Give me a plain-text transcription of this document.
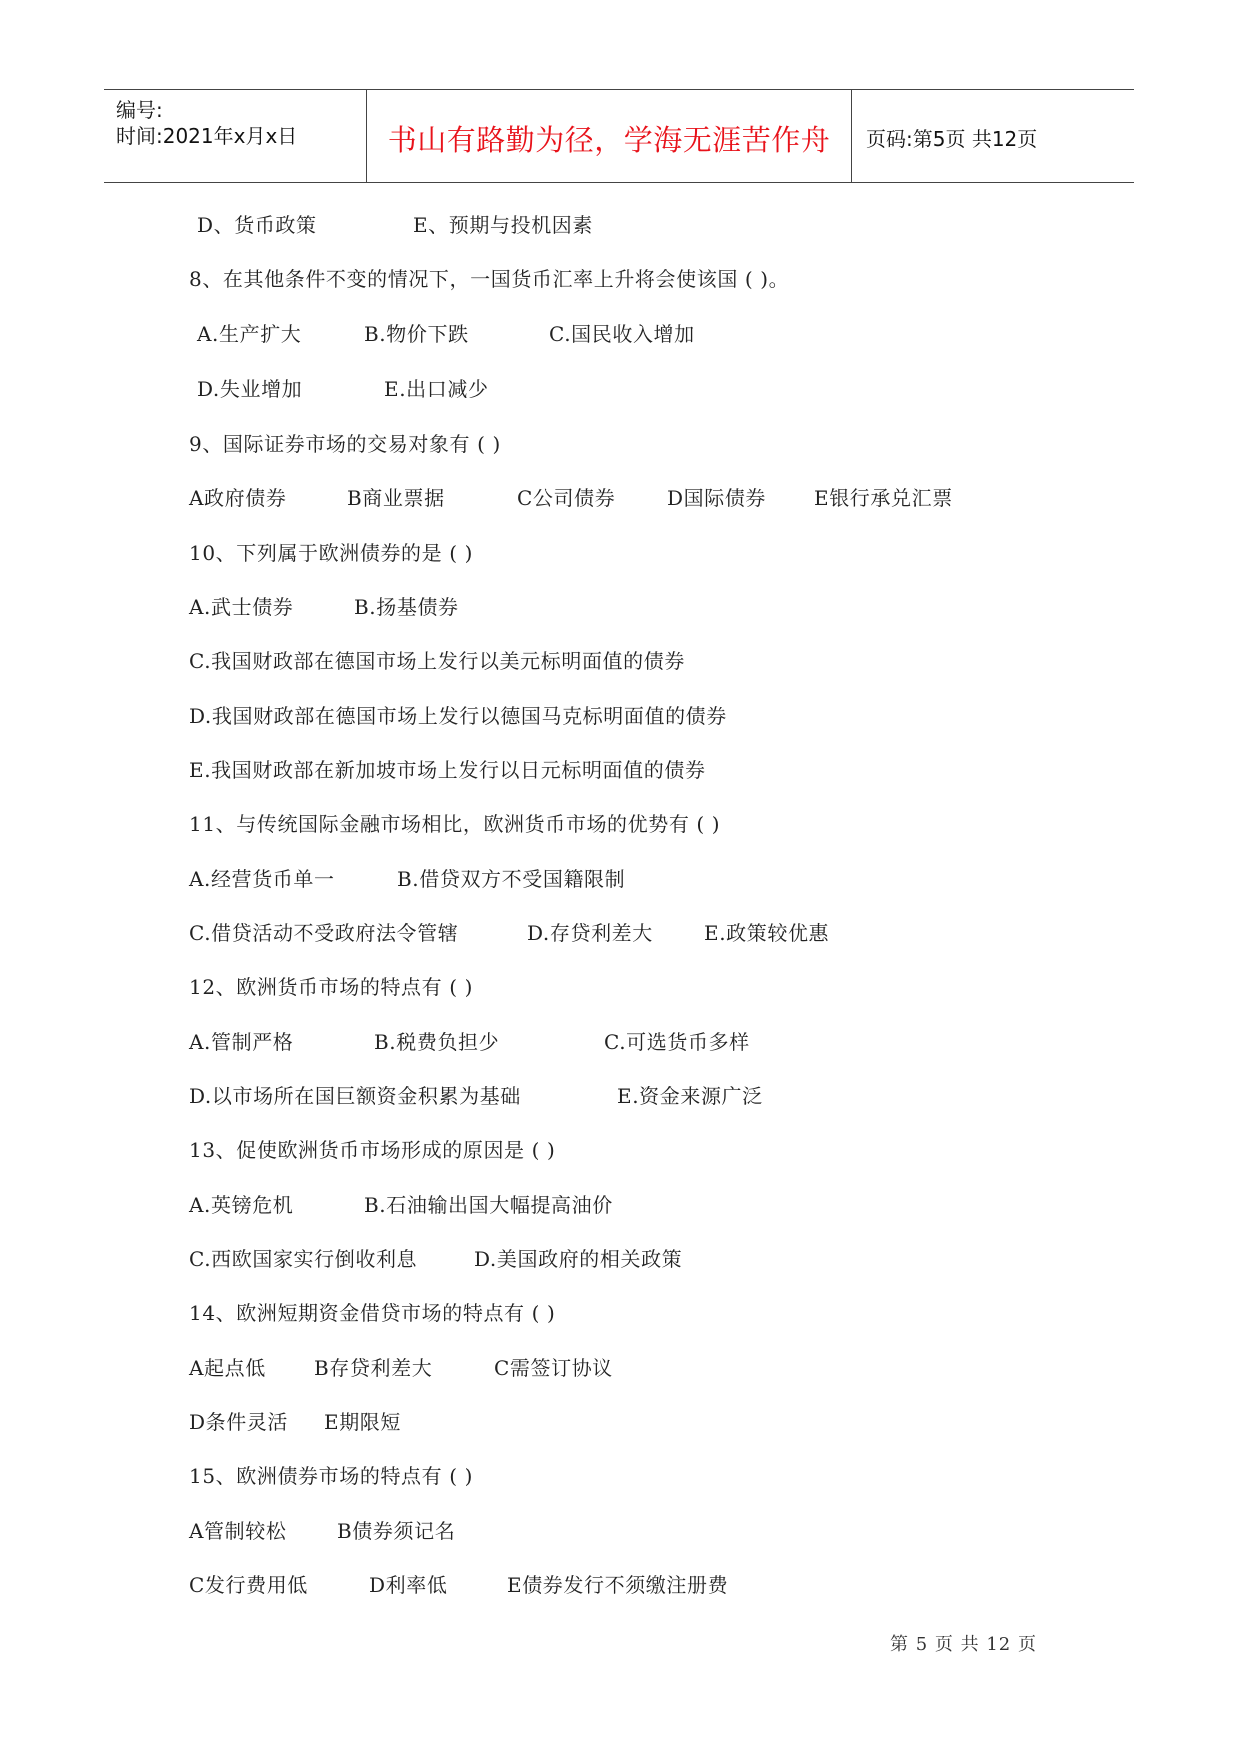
编号:
时间:2021年x月x日	书山有路勤为径，学海无涯苦作舟	页码:第5页 共12页
D、货币政策	E、预期与投机因素
8、在其他条件不变的情况下，一国货币汇率上升将会使该国 ( )。
A.生产扩大	B.物价下跌	C.国民收入增加
D.失业增加	E.出口减少
9、国际证券市场的交易对象有 ( )
A政府债券	B商业票据	C公司债券	D国际债券 E银行承兑汇票
10、下列属于欧洲债券的是 ( )
A.武士债券	B.扬基债券
C.我国财政部在德国市场上发行以美元标明面值的债券
D.我国财政部在德国市场上发行以德国马克标明面值的债券
E.我国财政部在新加坡市场上发行以日元标明面值的债券
11、与传统国际金融市场相比，欧洲货币市场的优势有 ( )
A.经营货币单一	B.借贷双方不受国籍限制
C.借贷活动不受政府法令管辖	D.存贷利差大	E.政策较优惠
12、欧洲货币市场的特点有 ( )
A.管制严格	B.税费负担少	C.可选货币多样
D.以市场所在国巨额资金积累为基础	E.资金来源广泛
13、促使欧洲货币市场形成的原因是 ( )
A.英镑危机	B.石油输出国大幅提高油价
C.西欧国家实行倒收利息	D.美国政府的相关政策
14、欧洲短期资金借贷市场的特点有 ( )
A起点低 B存贷利差大	C需签订协议
D条件灵活 E期限短
15、欧洲债券市场的特点有 ( )
A管制较松	B债券须记名
C发行费用低	D利率低	E债券发行不须缴注册费
第 5 页 共 12 页
